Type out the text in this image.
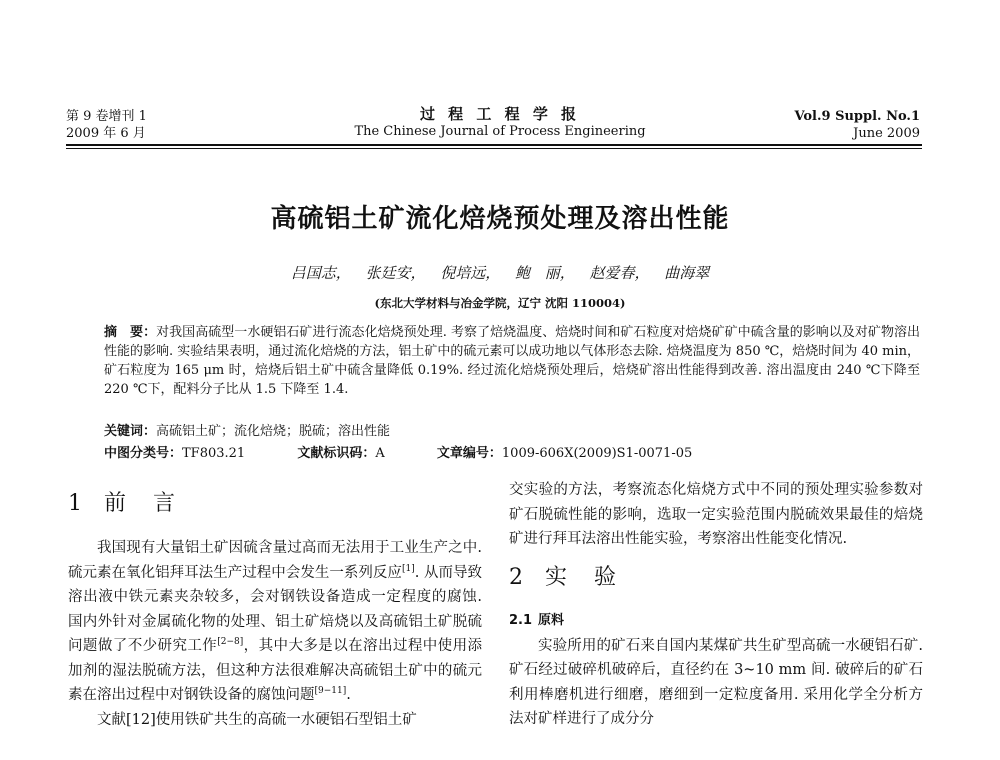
第 9 卷增刊 1
2009 年 6 月
过 程 工 程 学 报
The Chinese Journal of Process Engineering
Vol.9 Suppl. No.1
June 2009
高硫铝土矿流化焙烧预处理及溶出性能
吕国志， 张廷安， 倪培远， 鲍 丽， 赵爱春， 曲海翠
(东北大学材料与冶金学院，辽宁 沈阳 110004)
摘　要：对我国高硫型一水硬铝石矿进行流态化焙烧预处理. 考察了焙烧温度、焙烧时间和矿石粒度对焙烧矿矿中硫含量的影响以及对矿物溶出性能的影响. 实验结果表明，通过流化焙烧的方法，铝土矿中的硫元素可以成功地以气体形态去除. 焙烧温度为 850 ℃，焙烧时间为 40 min，矿石粒度为 165 μm 时，焙烧后铝土矿中硫含量降低 0.19%. 经过流化焙烧预处理后，焙烧矿溶出性能得到改善. 溶出温度由 240 ℃下降至 220 ℃下，配料分子比从 1.5 下降至 1.4.
关键词：高硫铝土矿；流化焙烧；脱硫；溶出性能
中图分类号：TF803.21	文献标识码：A	文章编号：1009-606X(2009)S1-0071-05
1 前 言

我国现有大量铝土矿因硫含量过高而无法用于工业生产之中. 硫元素在氧化铝拜耳法生产过程中会发生一系列反应[1]. 从而导致溶出液中铁元素夹杂较多，会对钢铁设备造成一定程度的腐蚀. 国内外针对金属硫化物的处理、铝土矿焙烧以及高硫铝土矿脱硫问题做了不少研究工作[2−8]，其中大多是以在溶出过程中使用添加剂的湿法脱硫方法，但这种方法很难解决高硫铝土矿中的硫元素在溶出过程中对钢铁设备的腐蚀问题[9−11].

文献[12]使用铁矿共生的高硫一水硬铝石型铝土矿

交实验的方法，考察流态化焙烧方式中不同的预处理实验参数对矿石脱硫性能的影响，选取一定实验范围内脱硫效果最佳的焙烧矿进行拜耳法溶出性能实验，考察溶出性能变化情况.

2 实 验
2.1 原料

实验所用的矿石来自国内某煤矿共生矿型高硫一水硬铝石矿. 矿石经过破碎机破碎后，直径约在 3~10 mm 间. 破碎后的矿石利用棒磨机进行细磨，磨细到一定粒度备用. 采用化学全分析方法对矿样进行了成分分
